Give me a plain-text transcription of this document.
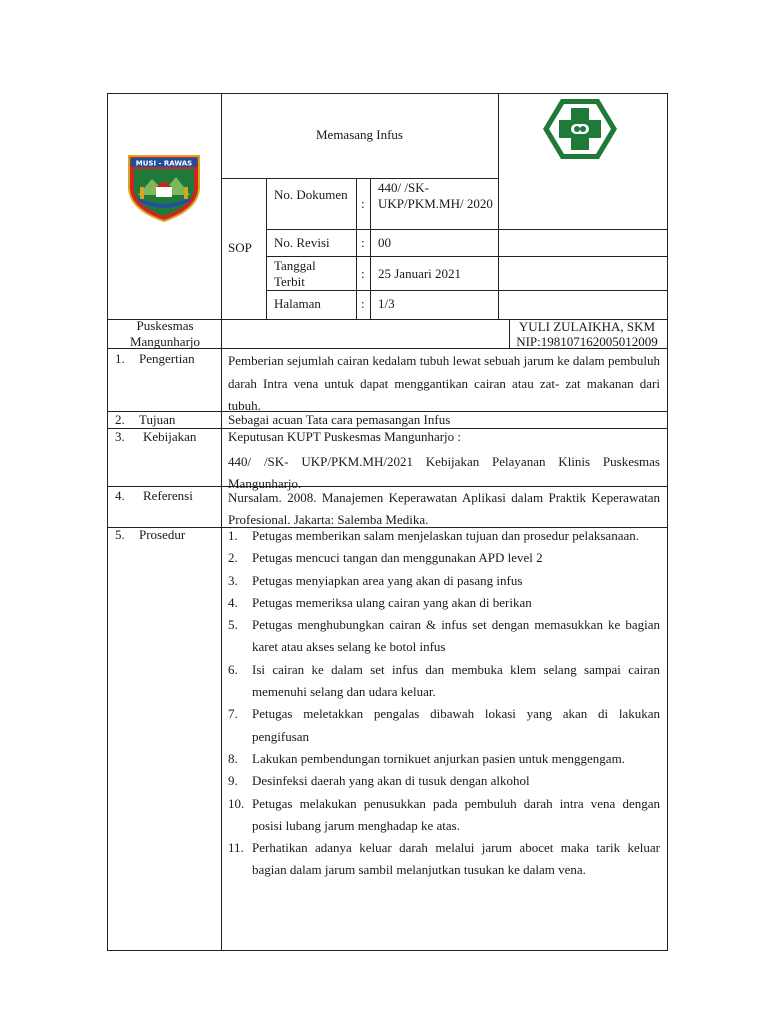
MUSI - RAWAS
Memasang Infus
SOP
No. Dokumen
:
440/ /SK-UKP/PKM.MH/ 2020
No. Revisi : 00
Tanggal Terbit
: 25 Januari 2021
Halaman	: 1/3
Puskesmas Mangunharjo
YULI ZULAIKHA, SKM
NIP:198107162005012009
1. Pengertian
2. Tujuan
3. Kebijakan
4. Referensi
5. Prosedur
Pemberian sejumlah cairan kedalam tubuh lewat sebuah jarum ke dalam pembuluh darah Intra vena untuk dapat menggantikan cairan atau zat- zat makanan dari tubuh.
Sebagai acuan Tata cara pemasangan Infus
Keputusan KUPT Puskesmas Mangunharjo :
440/ /SK- UKP/PKM.MH/2021 Kebijakan Pelayanan Klinis Puskesmas Mangunharjo.
Nursalam. 2008. Manajemen Keperawatan Aplikasi dalam Praktik Keperawatan Profesional. Jakarta: Salemba Medika.
1. Petugas memberikan salam menjelaskan tujuan dan prosedur pelaksanaan.
2. Petugas mencuci tangan dan menggunakan APD level 2
3. Petugas menyiapkan area yang akan di pasang infus
4. Petugas memeriksa ulang cairan yang akan di berikan
5. Petugas menghubungkan cairan & infus set dengan memasukkan ke bagian karet atau akses selang ke botol infus
6. Isi cairan ke dalam set infus dan membuka klem selang sampai cairan memenuhi selang dan udara keluar.
7. Petugas meletakkan pengalas dibawah lokasi yang akan di lakukan pengifusan
8. Lakukan pembendungan tornikuet anjurkan pasien untuk menggengam.
9. Desinfeksi daerah yang akan di tusuk dengan alkohol
10. Petugas melakukan penusukkan pada pembuluh darah intra vena dengan posisi lubang jarum menghadap ke atas.
11. Perhatikan adanya keluar darah melalui jarum abocet maka tarik keluar bagian dalam jarum sambil melanjutkan tusukan ke dalam vena.
